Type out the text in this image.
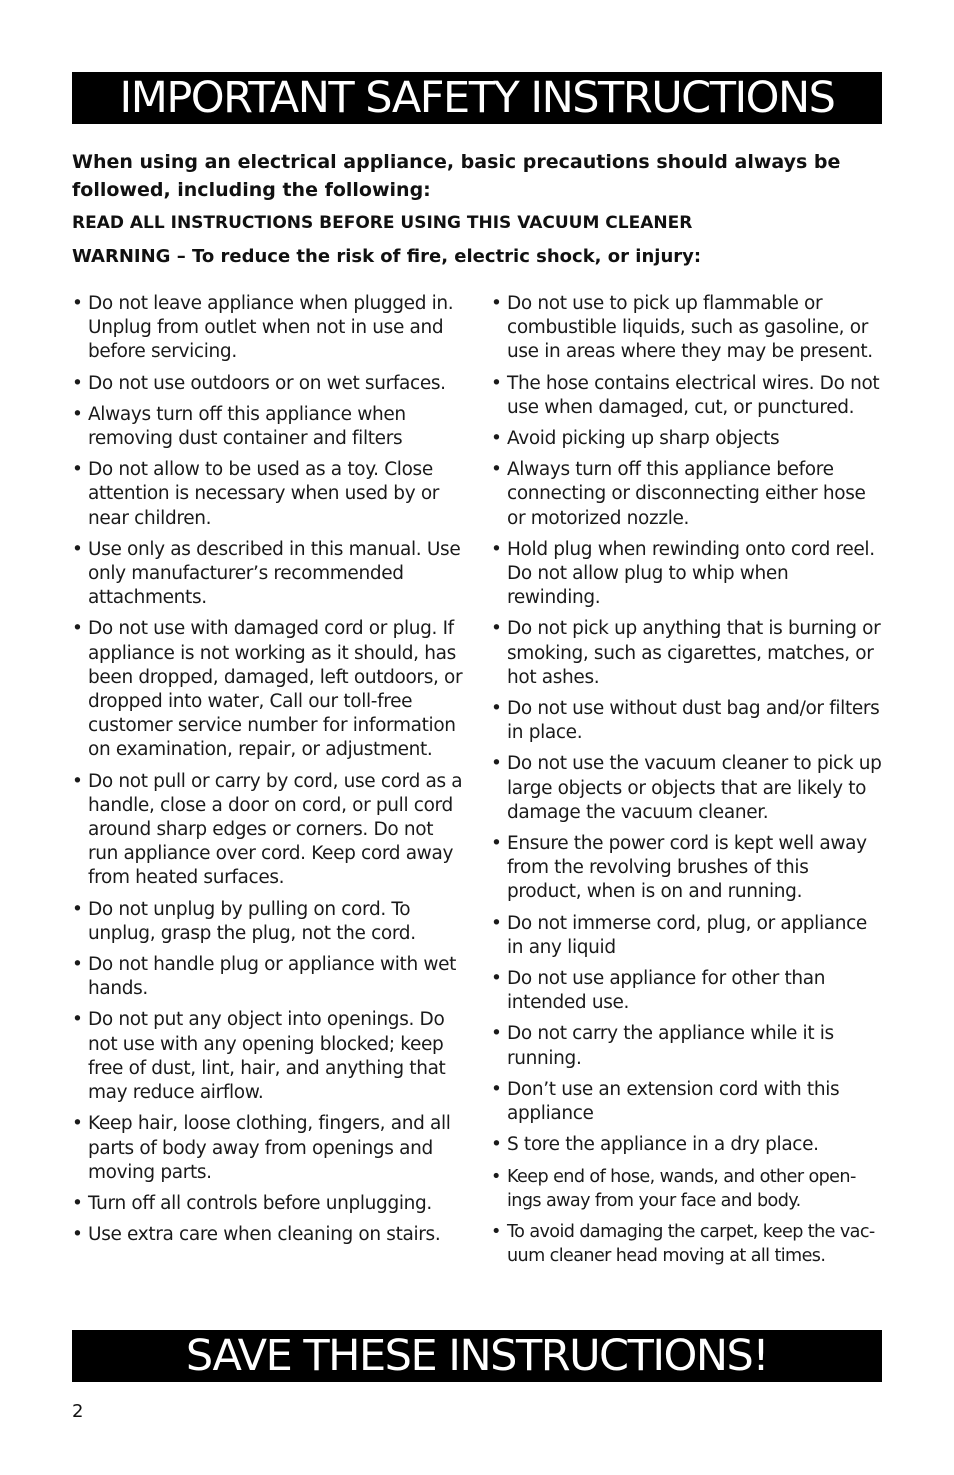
IMPORTANT SAFETY INSTRUCTIONS
When using an electrical appliance, basic precautions should always be followed, including the following:
READ ALL INSTRUCTIONS BEFORE USING THIS VACUUM CLEANER
WARNING – To reduce the risk of fire, electric shock, or injury:
• Do not leave appliance when plugged in. Unplug from outlet when not in use and before servicing.
• Do not use outdoors or on wet surfaces.
• Always turn off this appliance when removing dust container and filters
• Do not allow to be used as a toy. Close attention is necessary when used by or near children.
• Use only as described in this manual. Use only manufacturer’s recommended attachments.
• Do not use with damaged cord or plug. If appliance is not working as it should, has been dropped, damaged, left outdoors, or dropped into water, Call our toll-free customer service number for information on examination, repair, or adjustment.
• Do not pull or carry by cord, use cord as a handle, close a door on cord, or pull cord around sharp edges or corners. Do not run appliance over cord. Keep cord away from heated surfaces.
• Do not unplug by pulling on cord. To unplug, grasp the plug, not the cord.
• Do not handle plug or appliance with wet hands.
• Do not put any object into openings. Do not use with any opening blocked; keep free of dust, lint, hair, and anything that may reduce airflow.
• Keep hair, loose clothing, fingers, and all parts of body away from openings and moving parts.
• Turn off all controls before unplugging.
• Use extra care when cleaning on stairs.
• Do not use to pick up flammable or combustible liquids, such as gasoline, or use in areas where they may be present.
• The hose contains electrical wires. Do not use when damaged, cut, or punctured.
• Avoid picking up sharp objects
• Always turn off this appliance before connecting or disconnecting either hose or motorized nozzle.
• Hold plug when rewinding onto cord reel. Do not allow plug to whip when rewinding.
• Do not pick up anything that is burning or smoking, such as cigarettes, matches, or hot ashes.
• Do not use without dust bag and/or filters in place.
• Do not use the vacuum cleaner to pick up large objects or objects that are likely to damage the vacuum cleaner.
• Ensure the power cord is kept well away from the revolving brushes of this product, when is on and running.
• Do not immerse cord, plug, or appliance in any liquid
• Do not use appliance for other than intended use.
• Do not carry the appliance while it is running.
• Don’t use an extension cord with this appliance
• S tore the appliance in a dry place.
• Keep end of hose, wands, and other open-ings away from your face and body.
• To avoid damaging the carpet, keep the vac-uum cleaner head moving at all times.
SAVE THESE INSTRUCTIONS!
2
